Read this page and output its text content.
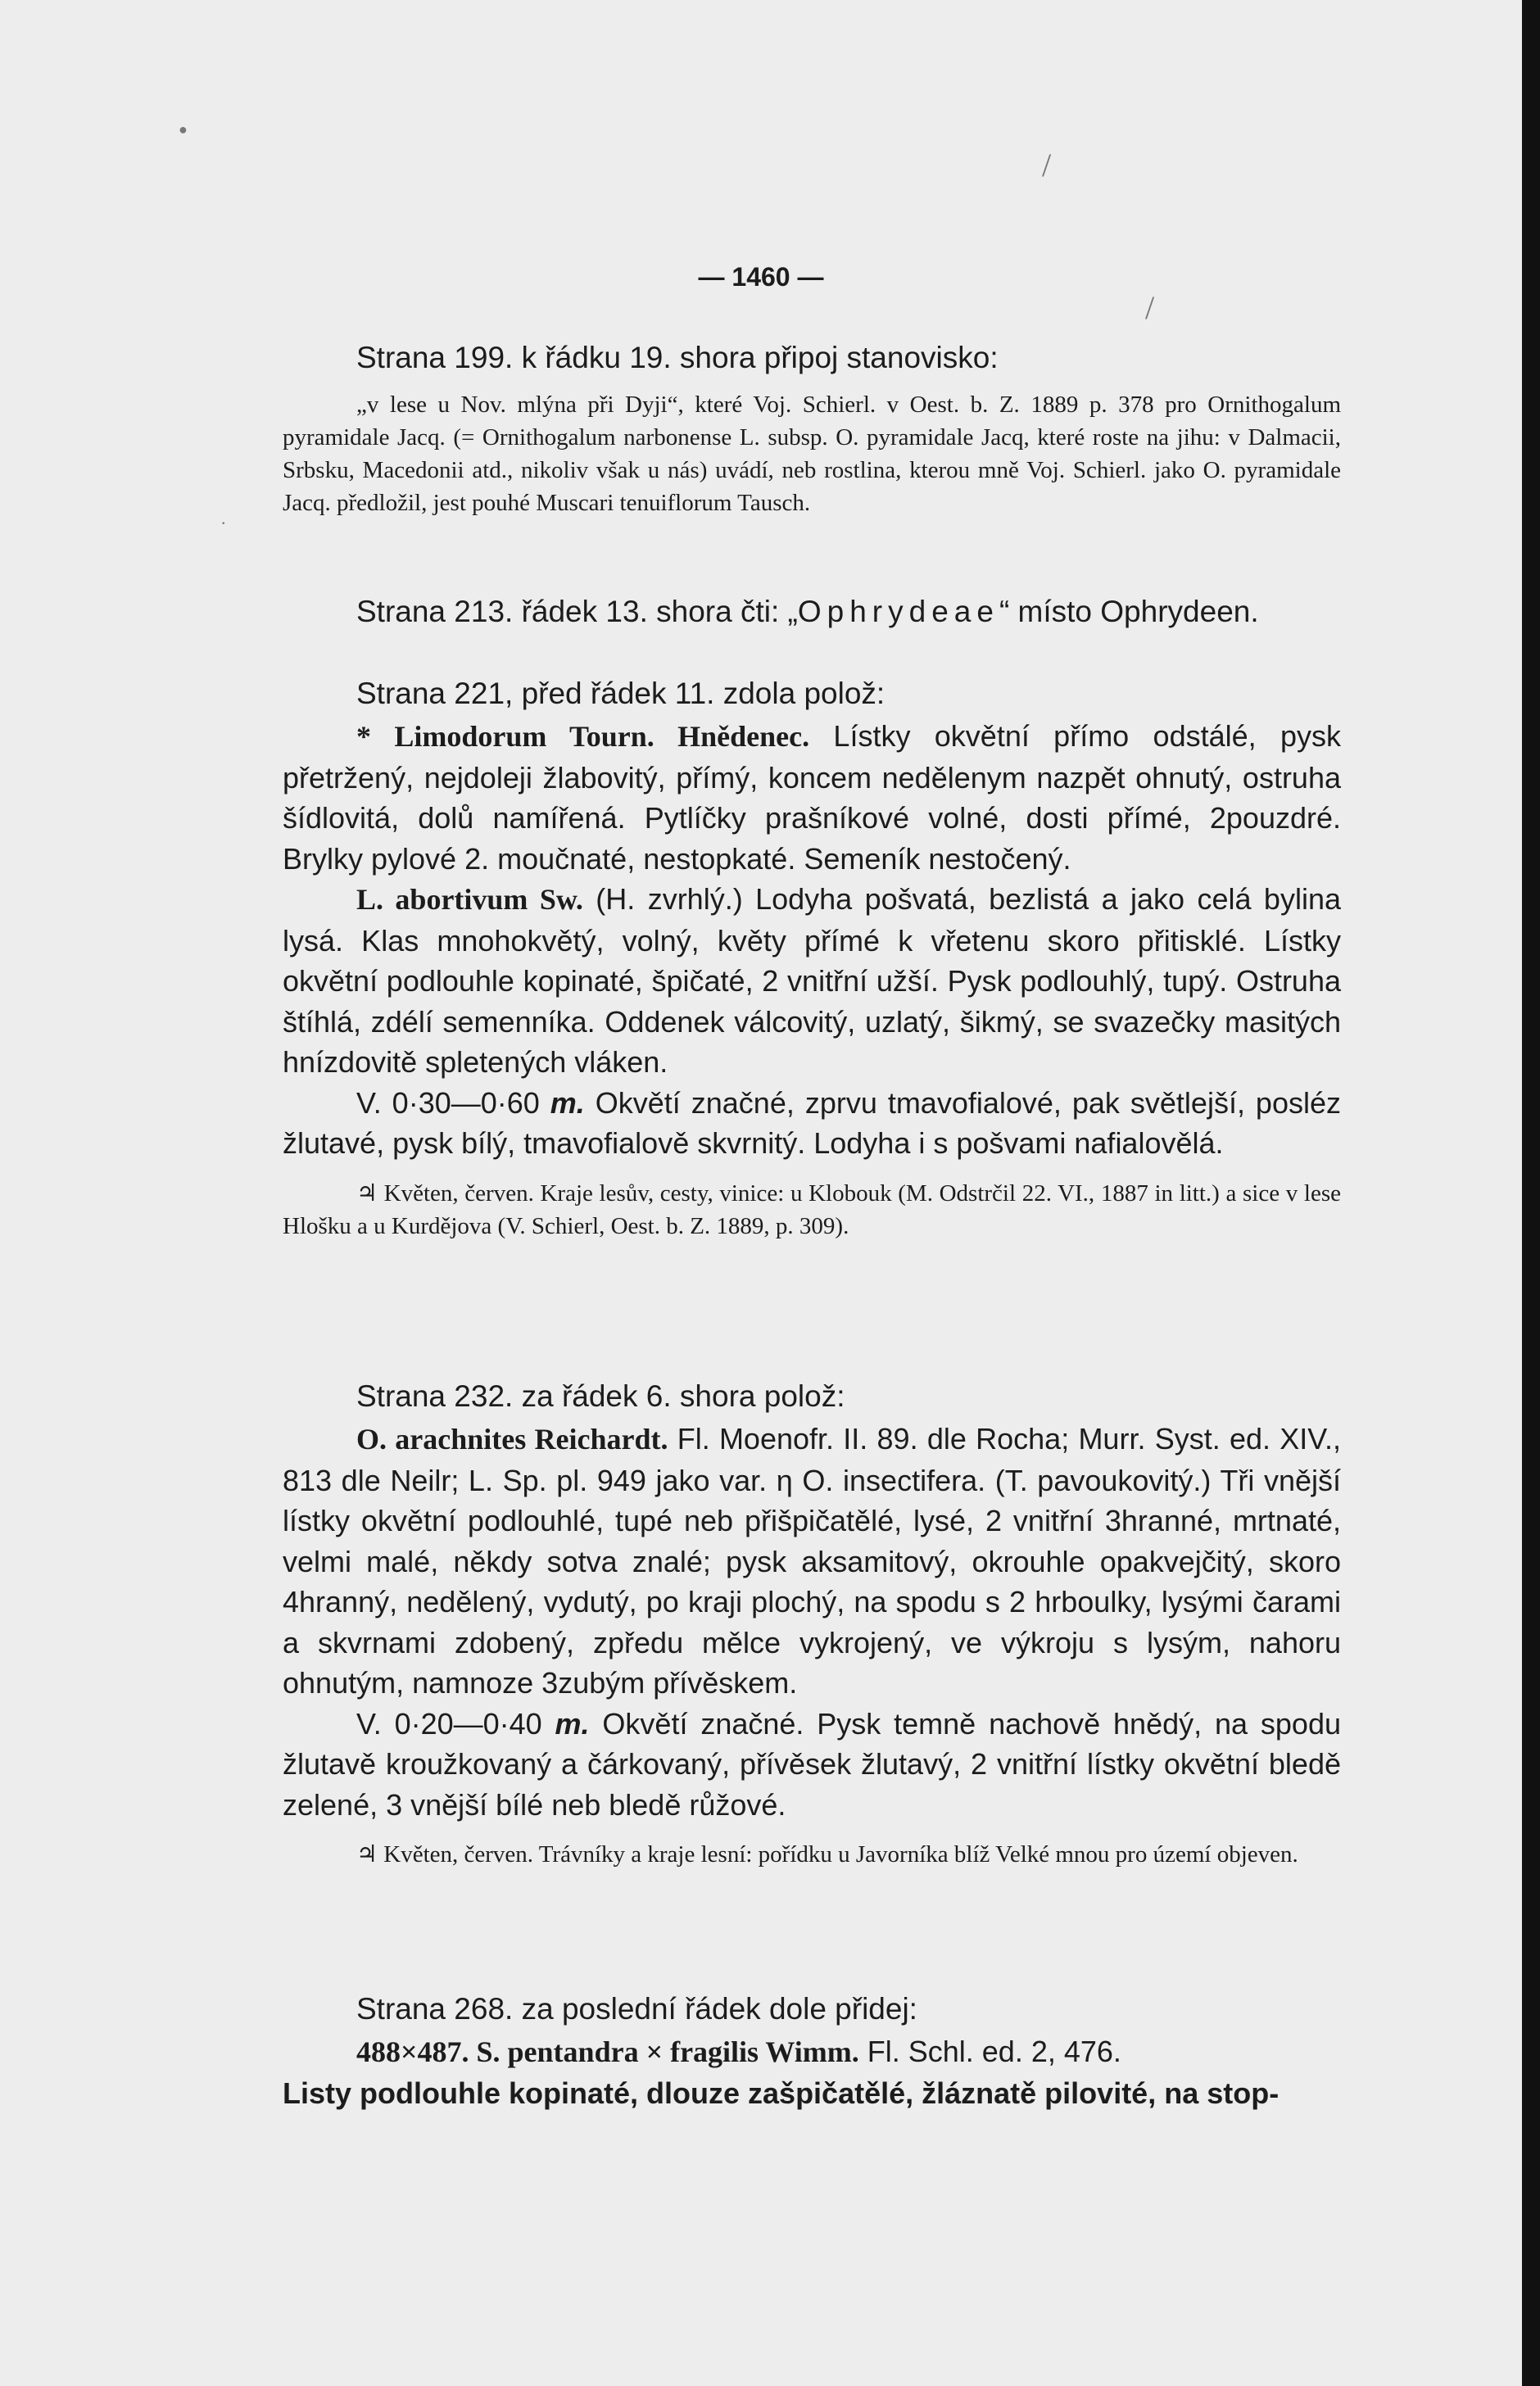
●
/
/
.
— 1460 —

Strana 199. k řádku 19. shora připoj stanovisko:

„v lese u Nov. mlýna při Dyji“, které Voj. Schierl. v Oest. b. Z. 1889 p. 378 pro Ornithogalum pyramidale Jacq. (= Ornithogalum narbonense L. subsp. O. pyramidale Jacq, které roste na jihu: v Dalmacii, Srbsku, Macedonii atd., nikoliv však u nás) uvádí, neb rostlina, kterou mně Voj. Schierl. jako O. pyramidale Jacq. předložil, jest pouhé Muscari tenuiflorum Tausch.

Strana 213. řádek 13. shora čti: „Ophrydeae“ místo Ophrydeen.

Strana 221, před řádek 11. zdola polož:

* Limodorum Tourn. Hnědenec. Lístky okvětní přímo odstálé, pysk přetržený, nejdoleji žlabovitý, přímý, koncem nedělenym nazpět ohnutý, ostruha šídlovitá, dolů namířená. Pytlíčky prašníkové volné, dosti přímé, 2pouzdré. Brylky pylové 2. moučnaté, nestopkaté. Semeník nestočený.

L. abortivum Sw. (H. zvrhlý.) Lodyha pošvatá, bezlistá a jako celá bylina lysá. Klas mnohokvětý, volný, květy přímé k vřetenu skoro přitisklé. Lístky okvětní podlouhle kopinaté, špičaté, 2 vnitřní užší. Pysk podlouhlý, tupý. Ostruha štíhlá, zdélí semenníka. Oddenek válcovitý, uzlatý, šikmý, se svazečky masitých hnízdovitě spletených vláken.

V. 0·30—0·60 m. Okvětí značné, zprvu tmavofialové, pak světlejší, posléz žlutavé, pysk bílý, tmavofialově skvrnitý. Lodyha i s pošvami nafialovělá.

♃ Květen, červen. Kraje lesův, cesty, vinice: u Klobouk (M. Odstrčil 22. VI., 1887 in litt.) a sice v lese Hlošku a u Kurdějova (V. Schierl, Oest. b. Z. 1889, p. 309).

Strana 232. za řádek 6. shora polož:

O. arachnites Reichardt. Fl. Moenofr. II. 89. dle Rocha; Murr. Syst. ed. XIV., 813 dle Neilr; L. Sp. pl. 949 jako var. η O. insectifera. (T. pavoukovitý.) Tři vnější lístky okvětní podlouhlé, tupé neb přišpičatělé, lysé, 2 vnitřní 3hranné, mrtnaté, velmi malé, někdy sotva znalé; pysk aksamitový, okrouhle opakvejčitý, skoro 4hranný, nedělený, vydutý, po kraji plochý, na spodu s 2 hrboulky, lysými čarami a skvrnami zdobený, zpředu mělce vykrojený, ve výkroju s lysým, nahoru ohnutým, namnoze 3zubým přívěskem.

V. 0·20—0·40 m. Okvětí značné. Pysk temně nachově hnědý, na spodu žlutavě kroužkovaný a čárkovaný, přívěsek žlutavý, 2 vnitřní lístky okvětní bledě zelené, 3 vnější bílé neb bledě růžové.

♃ Květen, červen. Trávníky a kraje lesní: pořídku u Javorníka blíž Velké mnou pro území objeven.

Strana 268. za poslední řádek dole přidej:

488×487. S. pentandra × fragilis Wimm. Fl. Schl. ed. 2, 476.

Listy podlouhle kopinaté, dlouze zašpičatělé, žláznatě pilovité, na stop-
